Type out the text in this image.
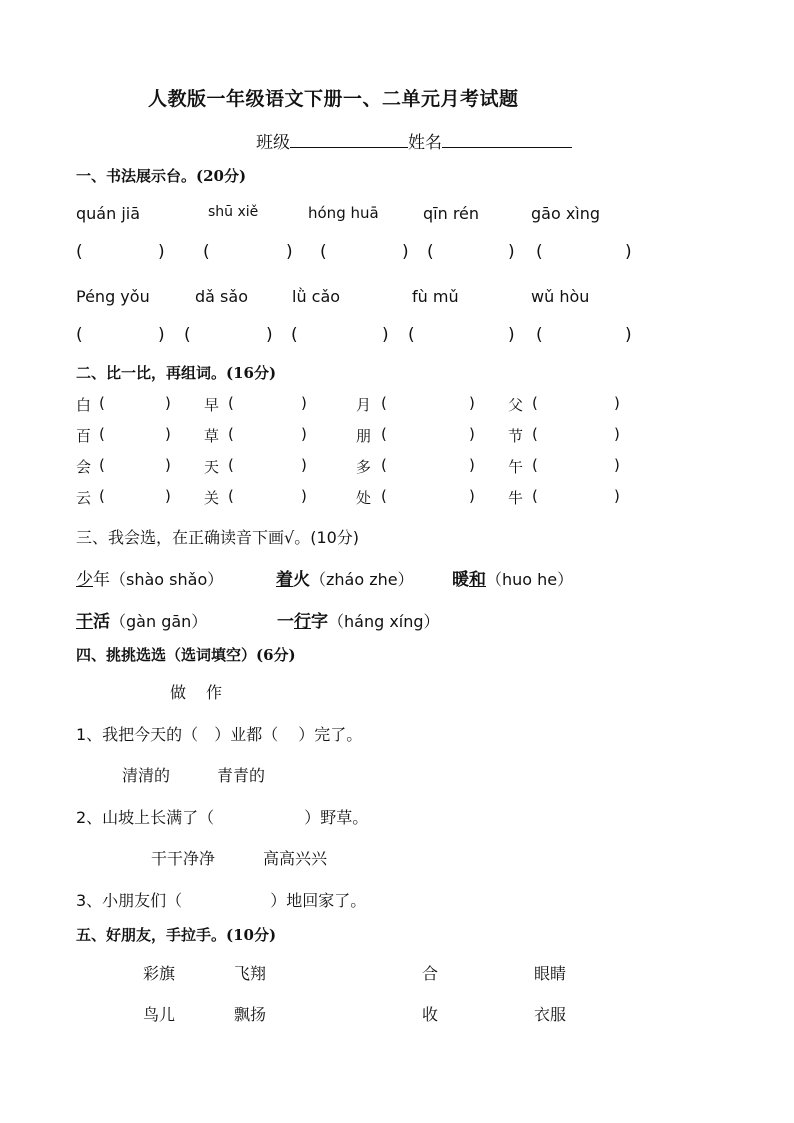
人教版一年级语文下册一、二单元月考试题
班级	姓名
一、书法展示台。(20分)
quán jiā	shū xiě	hóng huā	qīn rén	gāo xìng
(	) (	) (	) (	) (	)
Péng yǒu	dǎ sǎo	lǜ cǎo	fù mǔ	wǔ hòu
(	) (	) (	) (	) (	)
二、比一比，再组词。(16分)
白 (	) 早 (	)	月 (	) 父 (	)
百 (	) 草 (	)	朋 (	) 节 (	)
会 (	) 天 (	)	多 (	) 午 (	)
云 (	) 关 (	)	处 (	) 牛 (	)
三、我会选，在正确读音下画√。(10分)
少年（shào shǎo）	着火（zháo zhe） 暖和（huo he）
干活（gàn gān）	一行字（háng xíng）
四、挑挑选选（选词填空）(6分)
做 作
1、我把今天的（ ）业都（ ）完了。
清清的	青青的
2、山坡上长满了（	）野草。
干干净净	高高兴兴
3、小朋友们（	）地回家了。
五、好朋友，手拉手。(10分)
彩旗	飞翔	合	眼睛
鸟儿	飘扬	收	衣服
